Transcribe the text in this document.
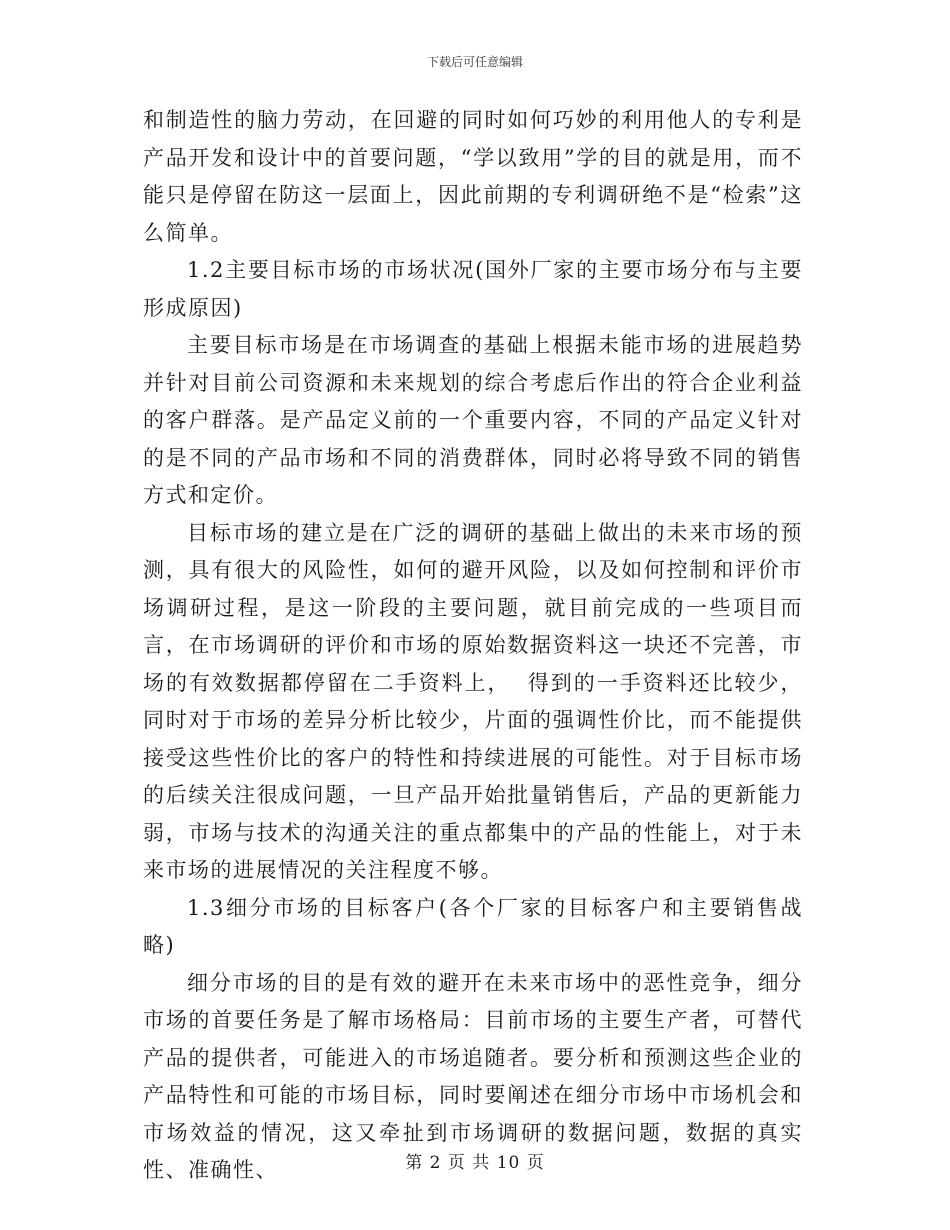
下载后可任意编辑

和制造性的脑力劳动，在回避的同时如何巧妙的利用他人的专利是产品开发和设计中的首要问题，“学以致用”学的目的就是用，而不能只是停留在防这一层面上，因此前期的专利调研绝不是“检索”这么简单。

1.2主要目标市场的市场状况(国外厂家的主要市场分布与主要形成原因)

主要目标市场是在市场调查的基础上根据未能市场的进展趋势并针对目前公司资源和未来规划的综合考虑后作出的符合企业利益的客户群落。是产品定义前的一个重要内容，不同的产品定义针对的是不同的产品市场和不同的消费群体，同时必将导致不同的销售方式和定价。

目标市场的建立是在广泛的调研的基础上做出的未来市场的预测，具有很大的风险性，如何的避开风险，以及如何控制和评价市场调研过程，是这一阶段的主要问题，就目前完成的一些项目而言，在市场调研的评价和市场的原始数据资料这一块还不完善，市场的有效数据都停留在二手资料上，  得到的一手资料还比较少，同时对于市场的差异分析比较少，片面的强调性价比，而不能提供接受这些性价比的客户的特性和持续进展的可能性。对于目标市场的后续关注很成问题，一旦产品开始批量销售后，产品的更新能力弱，市场与技术的沟通关注的重点都集中的产品的性能上，对于未来市场的进展情况的关注程度不够。

1.3细分市场的目标客户(各个厂家的目标客户和主要销售战略)

细分市场的目的是有效的避开在未来市场中的恶性竞争，细分市场的首要任务是了解市场格局：目前市场的主要生产者，可替代产品的提供者，可能进入的市场追随者。要分析和预测这些企业的产品特性和可能的市场目标，同时要阐述在细分市场中市场机会和市场效益的情况，这又牵扯到市场调研的数据问题，数据的真实性、准确性、	第 2 页 共 10 页
